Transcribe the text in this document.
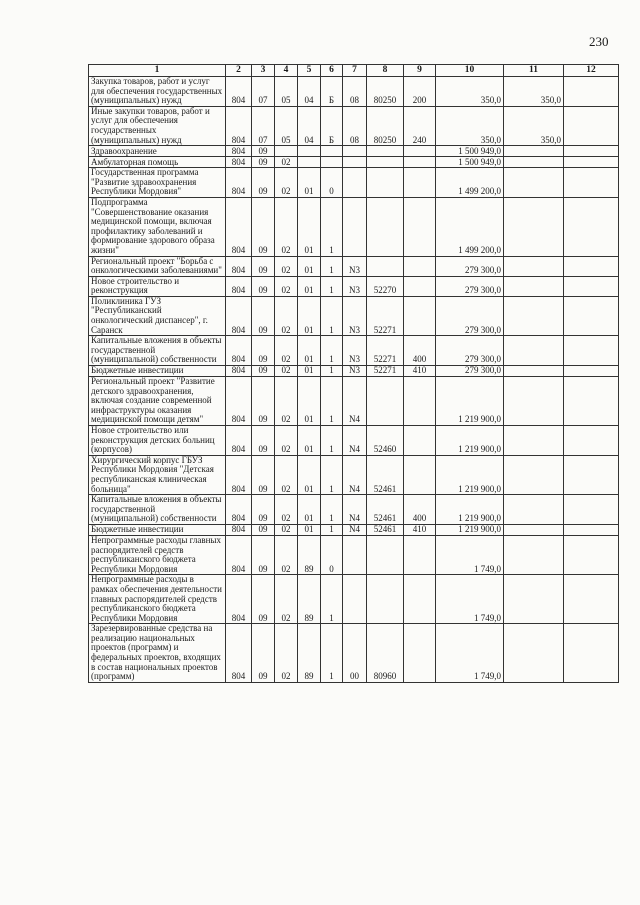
230
1	2	3	4	5	6	7	8	9	10	11	12
Закупка товаров, работ и услуг для обеспечения государственных (муниципальных) нужд	804	07	05	04	Б	08	80250	200	350,0	350,0	
Иные закупки товаров, работ и услуг для обеспечения государственных (муниципальных) нужд	804	07	05	04	Б	08	80250	240	350,0	350,0	
Здравоохранение	804	09							1 500 949,0		
Амбулаторная помощь	804	09	02						1 500 949,0		
Государственная программа "Развитие здравоохранения Республики Мордовия"	804	09	02	01	0				1 499 200,0		
Подпрограмма "Совершенствование оказания медицинской помощи, включая профилактику заболеваний и формирование здорового образа жизни"	804	09	02	01	1				1 499 200,0		
Региональный проект "Борьба с онкологическими заболеваниями"	804	09	02	01	1	N3			279 300,0		
Новое строительство и реконструкция	804	09	02	01	1	N3	52270		279 300,0		
Поликлиника ГУЗ "Республиканский онкологический диспансер", г. Саранск	804	09	02	01	1	N3	52271		279 300,0		
Капитальные вложения в объекты государственной (муниципальной) собственности	804	09	02	01	1	N3	52271	400	279 300,0		
Бюджетные инвестиции	804	09	02	01	1	N3	52271	410	279 300,0		
Региональный проект "Развитие детского здравоохранения, включая создание современной инфраструктуры оказания медицинской помощи детям"	804	09	02	01	1	N4			1 219 900,0		
Новое строительство или реконструкция детских больниц (корпусов)	804	09	02	01	1	N4	52460		1 219 900,0		
Хирургический корпус ГБУЗ Республики Мордовия "Детская республиканская клиническая больница"	804	09	02	01	1	N4	52461		1 219 900,0		
Капитальные вложения в объекты государственной (муниципальной) собственности	804	09	02	01	1	N4	52461	400	1 219 900,0		
Бюджетные инвестиции	804	09	02	01	1	N4	52461	410	1 219 900,0		
Непрограммные расходы главных распорядителей средств республиканского бюджета Республики Мордовия	804	09	02	89	0				1 749,0		
Непрограммные расходы в рамках обеспечения деятельности главных распорядителей средств республиканского бюджета Республики Мордовия	804	09	02	89	1				1 749,0		
Зарезервированные средства на реализацию национальных проектов (программ) и федеральных проектов, входящих в состав национальных проектов (программ)	804	09	02	89	1	00	80960		1 749,0		
